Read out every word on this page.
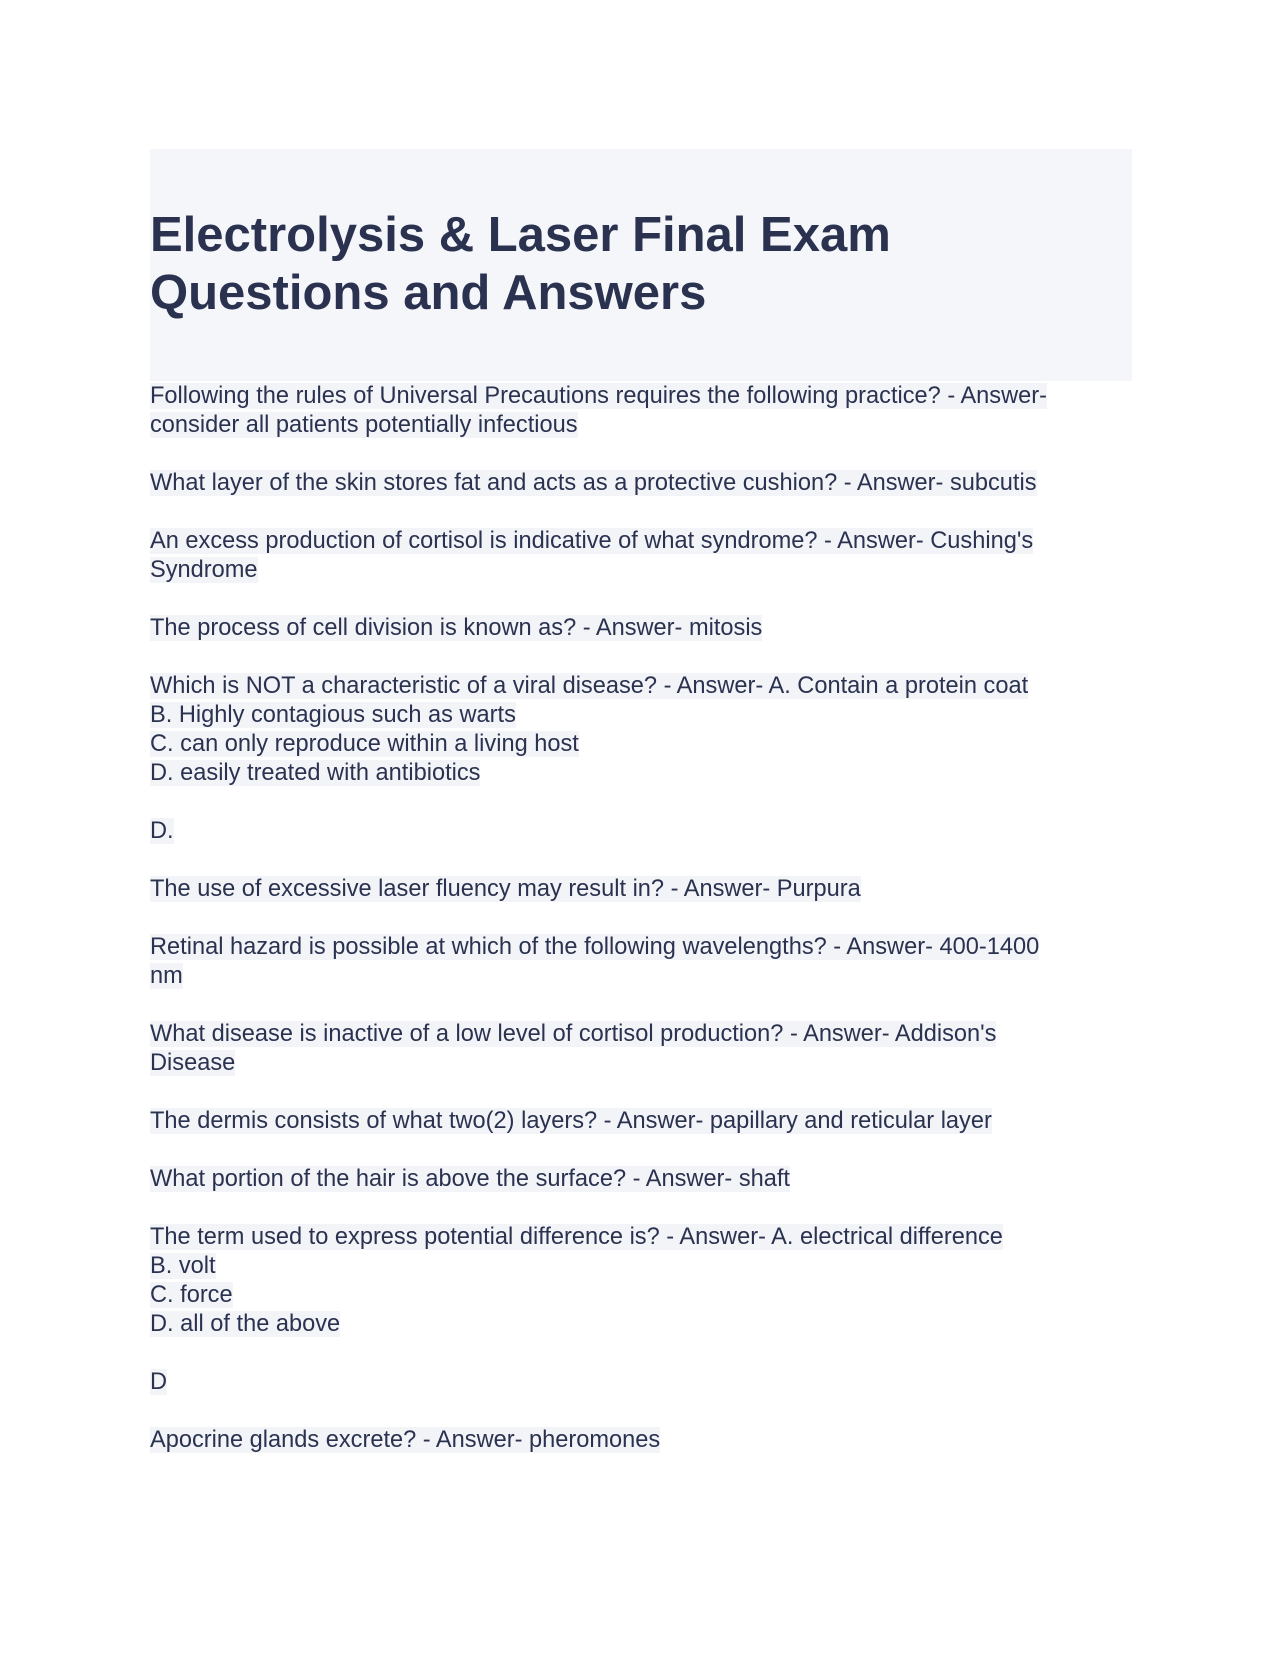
Electrolysis & Laser Final Exam
Questions and Answers

Following the rules of Universal Precautions requires the following practice? - Answer-
consider all patients potentially infectious

What layer of the skin stores fat and acts as a protective cushion? - Answer- subcutis

An excess production of cortisol is indicative of what syndrome? - Answer- Cushing's
Syndrome

The process of cell division is known as? - Answer- mitosis

Which is NOT a characteristic of a viral disease? - Answer- A. Contain a protein coat
B. Highly contagious such as warts
C. can only reproduce within a living host
D. easily treated with antibiotics

D.

The use of excessive laser fluency may result in? - Answer- Purpura

Retinal hazard is possible at which of the following wavelengths? - Answer- 400-1400
nm

What disease is inactive of a low level of cortisol production? - Answer- Addison's
Disease

The dermis consists of what two(2) layers? - Answer- papillary and reticular layer

What portion of the hair is above the surface? - Answer- shaft

The term used to express potential difference is? - Answer- A. electrical difference
B. volt
C. force
D. all of the above

D

Apocrine glands excrete? - Answer- pheromones
